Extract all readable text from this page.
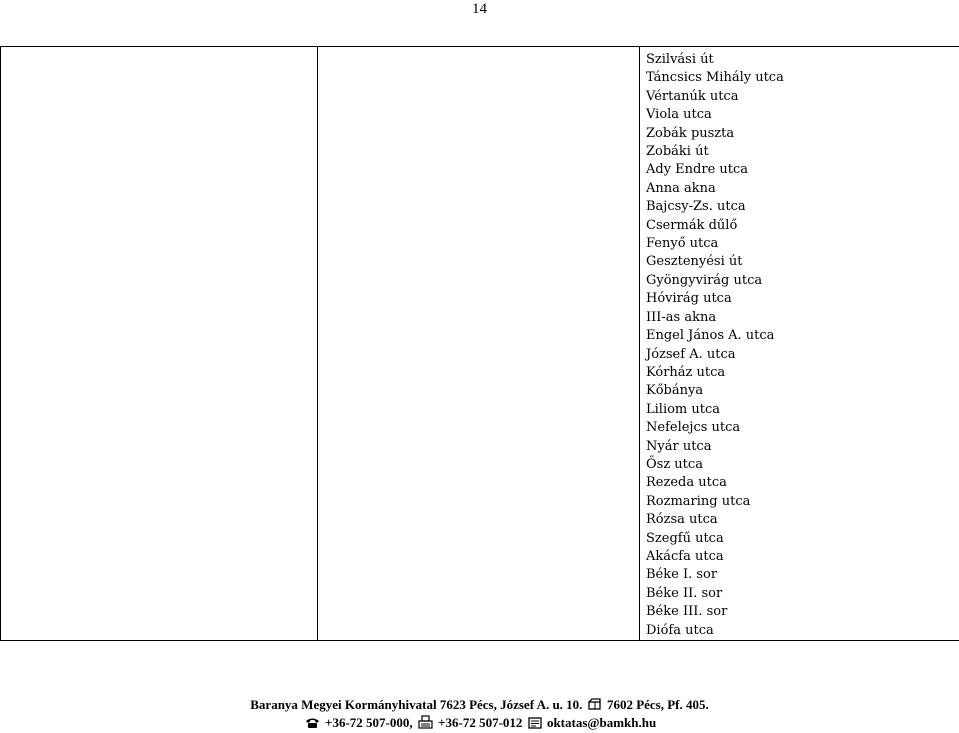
14

Szilvási út
Táncsics Mihály utca
Vértanúk utca
Viola utca
Zobák puszta
Zobáki út
Ady Endre utca
Anna akna
Bajcsy-Zs. utca
Csermák dűlő
Fenyő utca
Gesztenyési út
Gyöngyvirág utca
Hóvirág utca
III-as akna
Engel János A. utca
József A. utca
Kórház utca
Kőbánya
Liliom utca
Nefelejcs utca
Nyár utca
Ősz utca
Rezeda utca
Rozmaring utca
Rózsa utca
Szegfű utca
Akácfa utca
Béke I. sor
Béke II. sor
Béke III. sor
Diófa utca
Baranya Megyei Kormányhivatal 7623 Pécs, József A. u. 10. 7602 Pécs, Pf. 405.
+36-72 507-000, +36-72 507-012 oktatas@bamkh.hu
